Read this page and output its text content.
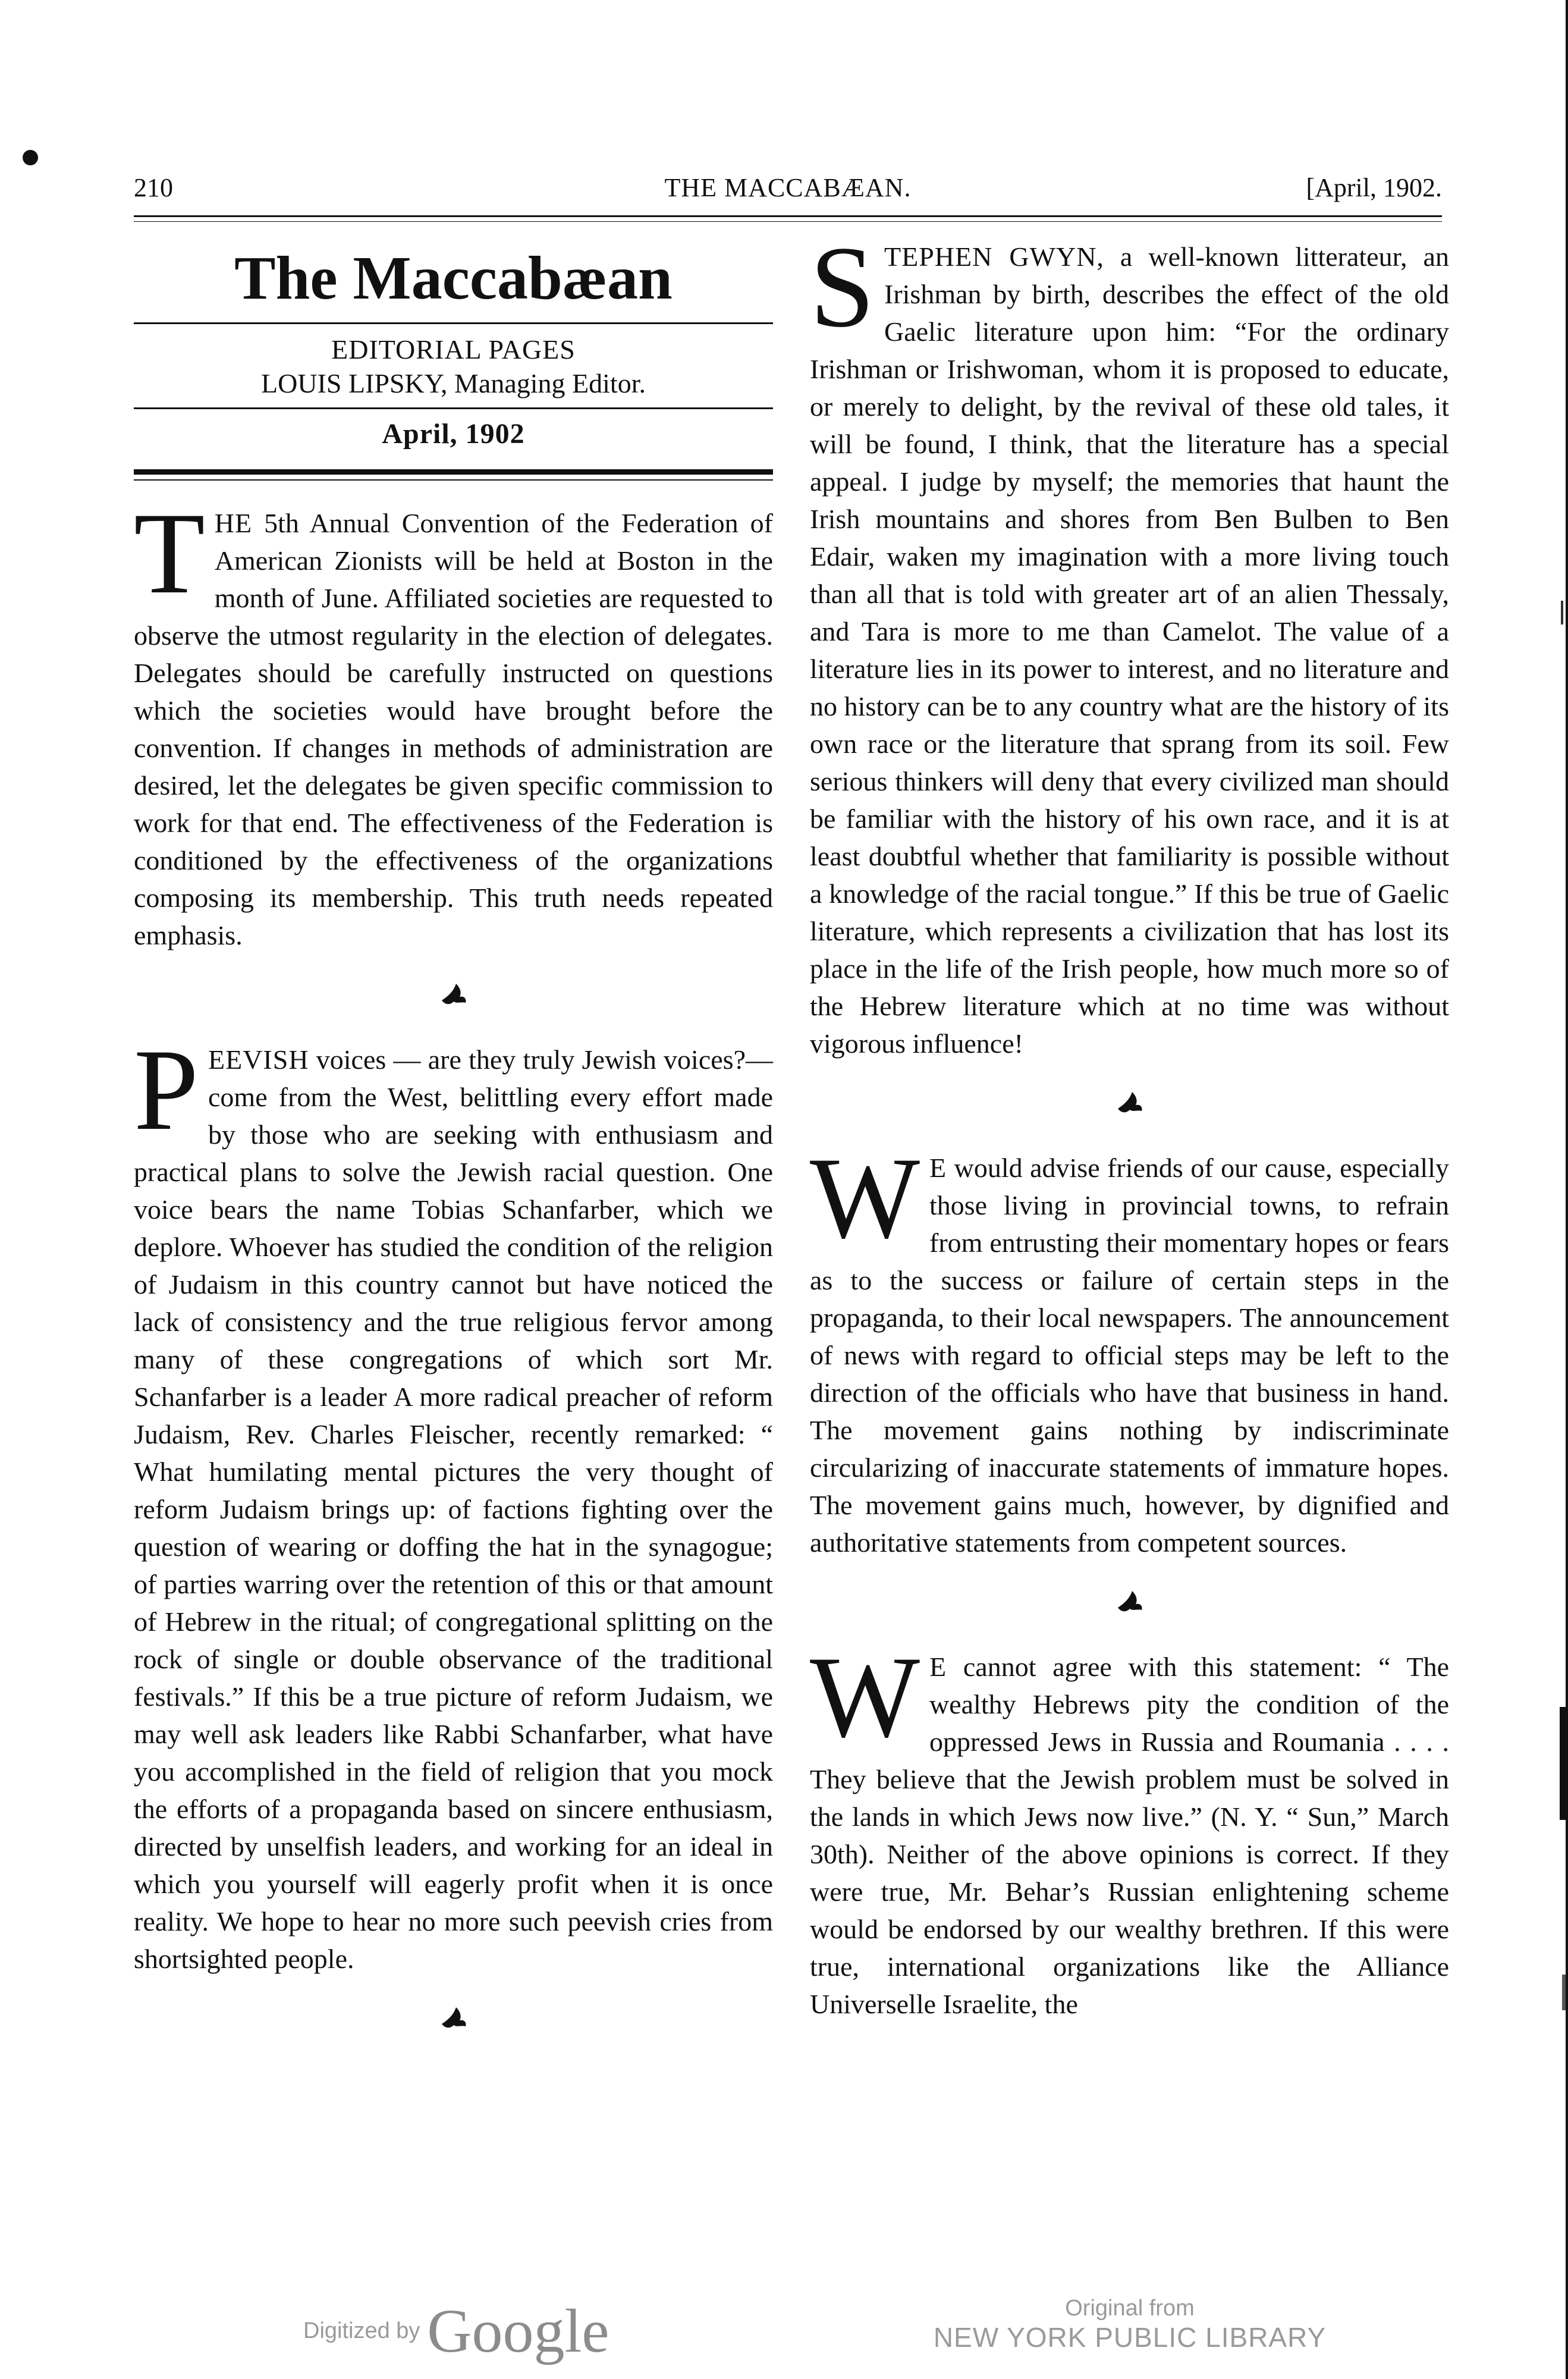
210	THE MACCABÆAN.	[April, 1902.
The Maccabæan
EDITORIAL PAGES
LOUIS LIPSKY, Managing Editor.
April, 1902

THE 5th Annual Convention of the Federation of American Zionists will be held at Boston in the month of June. Affiliated societies are requested to observe the utmost regularity in the election of delegates. Delegates should be carefully instructed on questions which the societies would have brought before the convention. If changes in methods of administration are desired, let the delegates be given specific commission to work for that end. The effectiveness of the Federation is conditioned by the effectiveness of the organizations composing its membership. This truth needs repeated emphasis.

PEEVISH voices — are they truly Jewish voices?—come from the West, belittling every effort made by those who are seeking with enthusiasm and practical plans to solve the Jewish racial question. One voice bears the name Tobias Schanfarber, which we deplore. Whoever has studied the condition of the religion of Judaism in this country cannot but have noticed the lack of consistency and the true religious fervor among many of these congregations of which sort Mr. Schanfarber is a leader A more radical preacher of reform Judaism, Rev. Charles Fleischer, recently remarked: “ What humilating mental pictures the very thought of reform Judaism brings up: of factions fighting over the question of wearing or doffing the hat in the synagogue; of parties warring over the retention of this or that amount of Hebrew in the ritual; of congregational splitting on the rock of single or double observance of the traditional festivals.” If this be a true picture of reform Judaism, we may well ask leaders like Rabbi Schanfarber, what have you accomplished in the field of religion that you mock the efforts of a propaganda based on sincere enthusiasm, directed by unselfish leaders, and working for an ideal in which you yourself will eagerly profit when it is once reality. We hope to hear no more such peevish cries from shortsighted people.

STEPHEN GWYN, a well-known litterateur, an Irishman by birth, describes the effect of the old Gaelic literature upon him: “For the ordinary Irishman or Irishwoman, whom it is proposed to educate, or merely to delight, by the revival of these old tales, it will be found, I think, that the literature has a special appeal. I judge by myself; the memories that haunt the Irish mountains and shores from Ben Bulben to Ben Edair, waken my imagination with a more living touch than all that is told with greater art of an alien Thessaly, and Tara is more to me than Camelot. The value of a literature lies in its power to interest, and no literature and no history can be to any country what are the history of its own race or the literature that sprang from its soil. Few serious thinkers will deny that every civilized man should be familiar with the history of his own race, and it is at least doubtful whether that familiarity is possible without a knowledge of the racial tongue.” If this be true of Gaelic literature, which represents a civilization that has lost its place in the life of the Irish people, how much more so of the Hebrew literature which at no time was without vigorous influence!

W E would advise friends of our cause, especially those living in provincial towns, to refrain from entrusting their momentary hopes or fears as to the success or failure of certain steps in the propaganda, to their local newspapers. The announcement of news with regard to official steps may be left to the direction of the officials who have that business in hand. The movement gains nothing by indiscriminate circularizing of inaccurate statements of immature hopes. The movement gains much, however, by dignified and authoritative statements from competent sources.

W E cannot agree with this statement: “ The wealthy Hebrews pity the condition of the oppressed Jews in Russia and Roumania . . . . They believe that the Jewish problem must be solved in the lands in which Jews now live.” (N. Y. “ Sun,” March 30th). Neither of the above opinions is correct. If they were true, Mr. Behar’s Russian enlightening scheme would be endorsed by our wealthy brethren. If this were true, international organizations like the Alliance Universelle Israelite, the

Digitized by Google	Original from
NEW YORK PUBLIC LIBRARY
